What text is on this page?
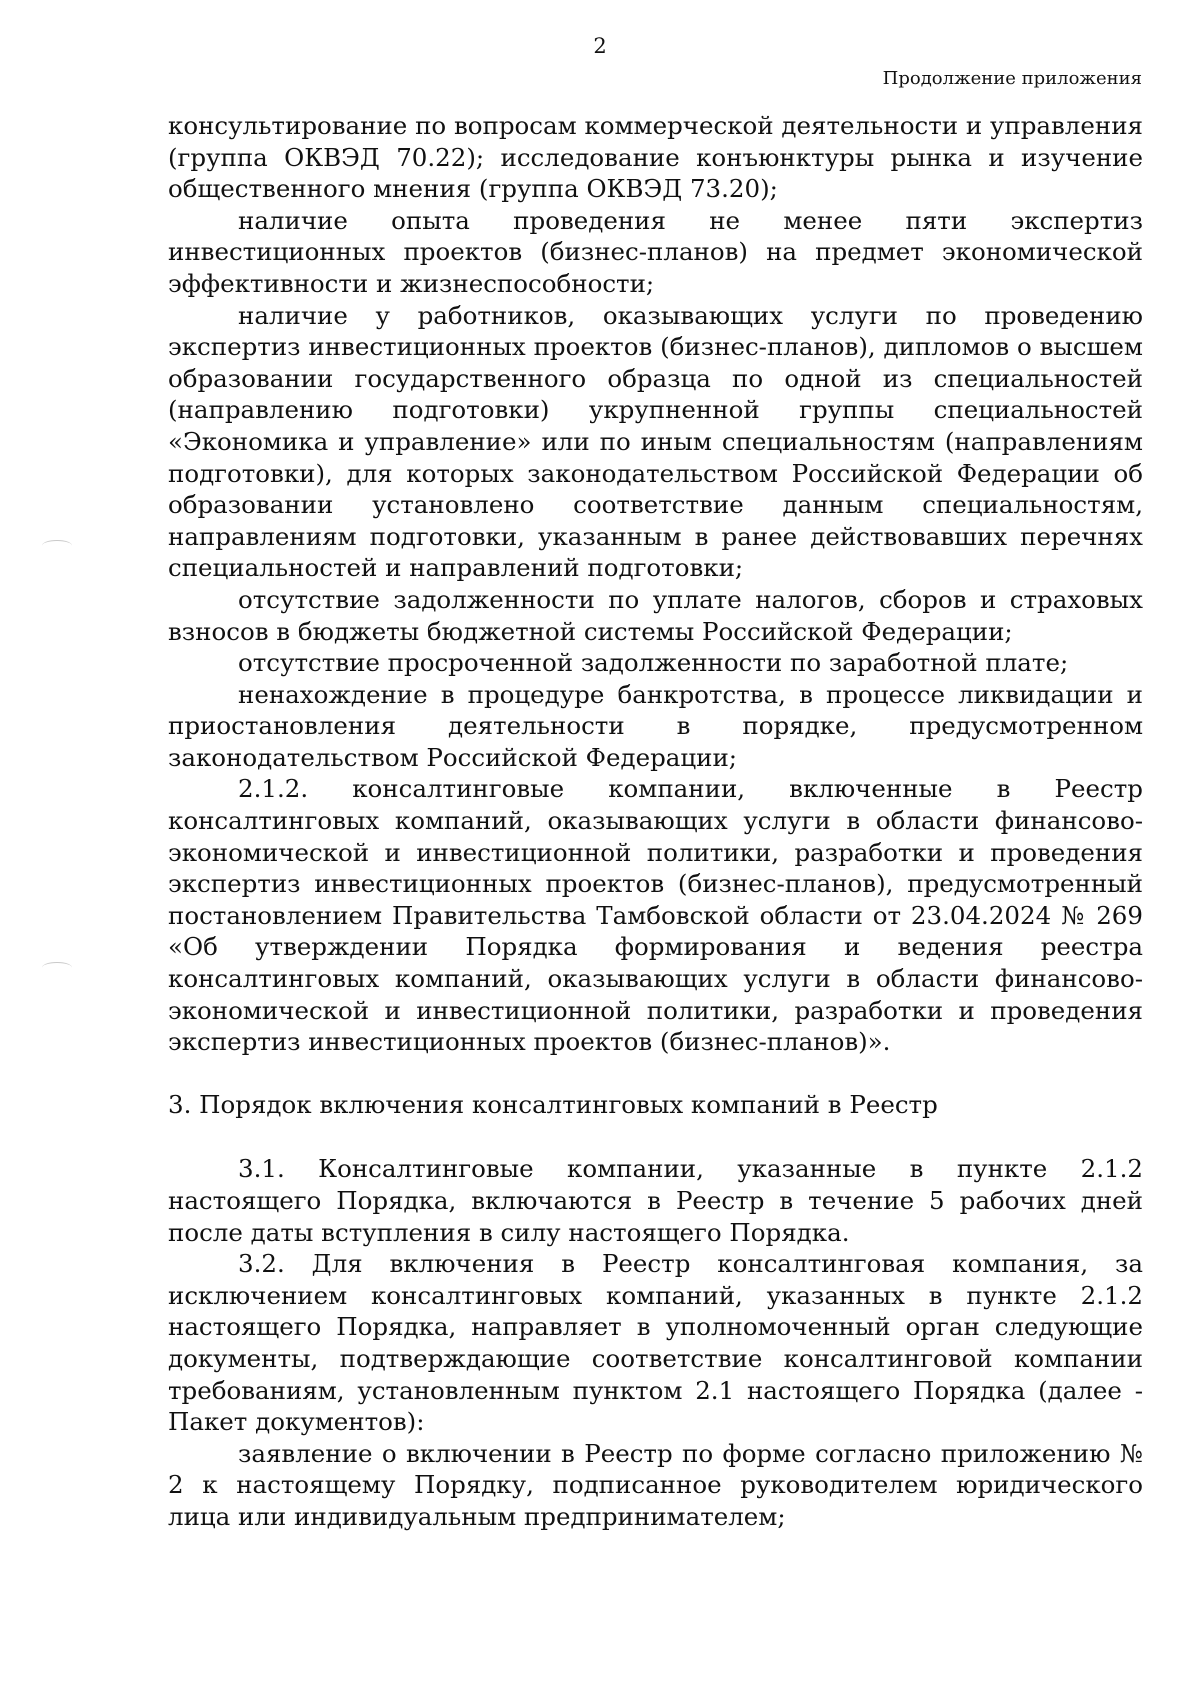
2
Продолжение приложения

консультирование по вопросам коммерческой деятельности и управления (группа ОКВЭД 70.22); исследование конъюнктуры рынка и изучение общественного мнения (группа ОКВЭД 73.20);

наличие опыта проведения не менее пяти экспертиз инвестиционных проектов (бизнес-планов) на предмет экономической эффективности и жизнеспособности;

наличие у работников, оказывающих услуги по проведению экспертиз инвестиционных проектов (бизнес-планов), дипломов о высшем образовании государственного образца по одной из специальностей (направлению подготовки) укрупненной группы специальностей «Экономика и управление» или по иным специальностям (направлениям подготовки), для которых законодательством Российской Федерации об образовании установлено соответствие данным специальностям, направлениям подготовки, указанным в ранее действовавших перечнях специальностей и направлений подготовки;

отсутствие задолженности по уплате налогов, сборов и страховых взносов в бюджеты бюджетной системы Российской Федерации;

отсутствие просроченной задолженности по заработной плате;

ненахождение в процедуре банкротства, в процессе ликвидации и приостановления деятельности в порядке, предусмотренном законодательством Российской Федерации;

2.1.2. консалтинговые компании, включенные в Реестр консалтинговых компаний, оказывающих услуги в области финансово-экономической и инвестиционной политики, разработки и проведения экспертиз инвестиционных проектов (бизнес-планов), предусмотренный постановлением Правительства Тамбовской области от 23.04.2024 № 269 «Об утверждении Порядка формирования и ведения реестра консалтинговых компаний, оказывающих услуги в области финансово-экономической и инвестиционной политики, разработки и проведения экспертиз инвестиционных проектов (бизнес-планов)».

3. Порядок включения консалтинговых компаний в Реестр

3.1. Консалтинговые компании, указанные в пункте 2.1.2 настоящего Порядка, включаются в Реестр в течение 5 рабочих дней после даты вступления в силу настоящего Порядка.

3.2. Для включения в Реестр консалтинговая компания, за исключением консалтинговых компаний, указанных в пункте 2.1.2 настоящего Порядка, направляет в уполномоченный орган следующие документы, подтверждающие соответствие консалтинговой компании требованиям, установленным пунктом 2.1 настоящего Порядка (далее - Пакет документов):

заявление о включении в Реестр по форме согласно приложению № 2 к настоящему Порядку, подписанное руководителем юридического лица или индивидуальным предпринимателем;
